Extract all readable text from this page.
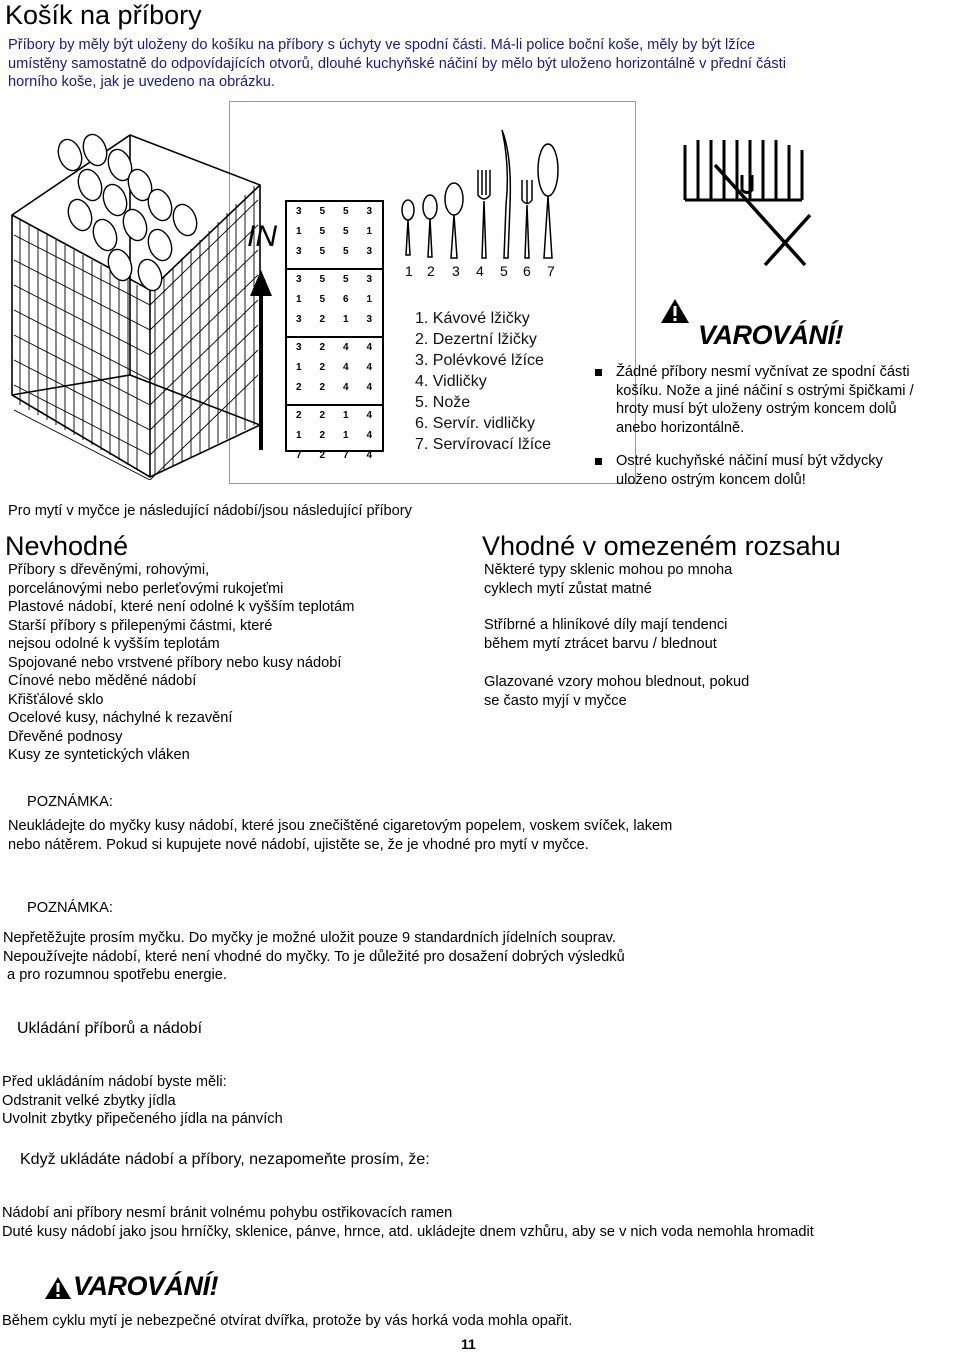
Košík na příbory
Příbory by měly být uloženy do košíku na příbory s úchyty ve spodní části. Má-li police boční koše, měly by být lžíce
umístěny samostatně do odpovídajících otvorů, dlouhé kuchyňské náčiní by mělo být uloženo horizontálně v přední části
horního koše, jak je uvedeno na obrázku.
IN
3	5	5	3
1	5	5	1
3	5	5	3
3	5	5	3
1	5	6	1
3	2	1	3
3	2	4	4
1	2	4	4
2	2	4	4
2	2	1	4
1	2	1	4
7	2	7	4
1 2 3 4 5 6 7
1. Kávové lžičky
2. Dezertní lžičky
3. Polévkové lžíce
4. Vidličky
5. Nože
6. Servír. vidličky
7. Servírovací lžíce
VAROVÁNÍ!
Žádné příbory nesmí vyčnívat ze spodní části
košíku. Nože a jiné náčiní s ostrými špičkami /
hroty musí být uloženy ostrým koncem dolů
anebo horizontálně.
Ostré kuchyňské náčiní musí být vždycky
uloženo ostrým koncem dolů!
Pro mytí v myčce je následující nádobí/jsou následující příbory
Nevhodné
Příbory s dřevěnými, rohovými,
porcelánovými nebo perleťovými rukojeťmi
Plastové nádobí, které není odolné k vyšším teplotám
Starší příbory s přilepenými částmi, které
nejsou odolné k vyšším teplotám
Spojované nebo vrstvené příbory nebo kusy nádobí
Cínové nebo měděné nádobí
Křišťálové sklo
Ocelové kusy, náchylné k rezavění
Dřevěné podnosy
Kusy ze syntetických vláken
Vhodné v omezeném rozsahu
Některé typy sklenic mohou po mnoha
cyklech mytí zůstat matné
Stříbrné a hliníkové díly mají tendenci
během mytí ztrácet barvu / blednout
Glazované vzory mohou blednout, pokud
se často myjí v myčce
POZNÁMKA:
Neukládejte do myčky kusy nádobí, které jsou znečištěné cigaretovým popelem, voskem svíček, lakem
nebo nátěrem. Pokud si kupujete nové nádobí, ujistěte se, že je vhodné pro mytí v myčce.
POZNÁMKA:
Nepřetěžujte prosím myčku. Do myčky je možné uložit pouze 9 standardních jídelních souprav.
Nepoužívejte nádobí, které není vhodné do myčky. To je důležité pro dosažení dobrých výsledků
a pro rozumnou spotřebu energie.
Ukládání příborů a nádobí
Před ukládáním nádobí byste měli:
Odstranit velké zbytky jídla
Uvolnit zbytky připečeného jídla na pánvích
Když ukládáte nádobí a příbory, nezapomeňte prosím, že:
Nádobí ani příbory nesmí bránit volnému pohybu ostřikovacích ramen
Duté kusy nádobí jako jsou hrníčky, sklenice, pánve, hrnce, atd. ukládejte dnem vzhůru, aby se v nich voda nemohla hromadit
VAROVÁNÍ!
Během cyklu mytí je nebezpečné otvírat dvířka, protože by vás horká voda mohla opařit.
11
